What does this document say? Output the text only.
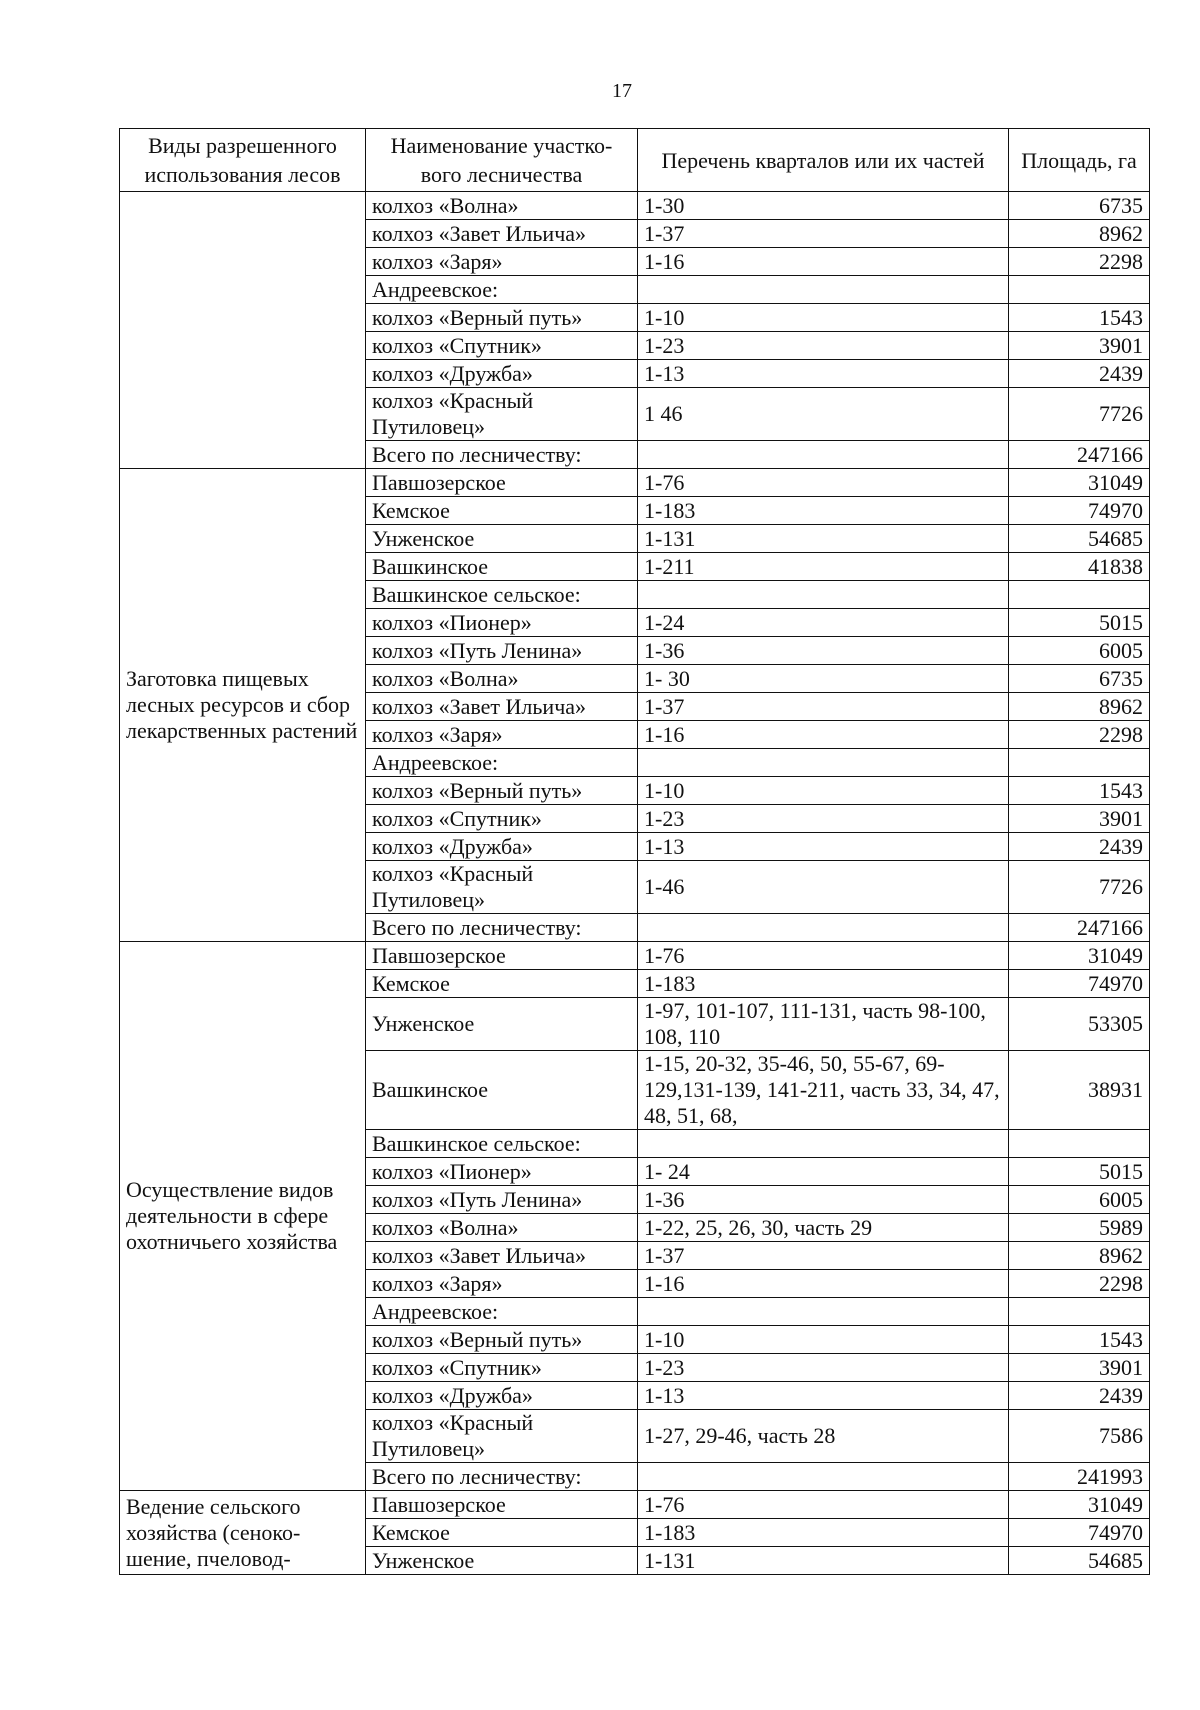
17
Виды разрешенного использования лесов	Наименование участко- вого лесничества	Перечень кварталов или их частей	Площадь, га
	колхоз «Волна»	1-30	6735
	колхоз «Завет Ильича»	1-37	8962
	колхоз «Заря»	1-16	2298
	Андреевское:		
	колхоз «Верный путь»	1-10	1543
	колхоз «Спутник»	1-23	3901
	колхоз «Дружба»	1-13	2439
	колхоз «Красный Путиловец»	1 46	7726
	Всего по лесничеству:		247166
Заготовка пищевых лесных ресурсов и сбор лекарственных растений	Павшозерское	1-76	31049
	Кемское	1-183	74970
	Унженское	1-131	54685
	Вашкинское	1-211	41838
	Вашкинское сельское:		
	колхоз «Пионер»	1-24	5015
	колхоз «Путь Ленина»	1-36	6005
	колхоз «Волна»	1- 30	6735
	колхоз «Завет Ильича»	1-37	8962
	колхоз «Заря»	1-16	2298
	Андреевское:		
	колхоз «Верный путь»	1-10	1543
	колхоз «Спутник»	1-23	3901
	колхоз «Дружба»	1-13	2439
	колхоз «Красный Путиловец»	1-46	7726
	Всего по лесничеству:		247166
Осуществление видов деятельности в сфере охотничьего хозяйства	Павшозерское	1-76	31049
	Кемское	1-183	74970
	Унженское	1-97, 101-107, 111-131, часть 98-100, 108, 110	53305
	Вашкинское	1-15, 20-32, 35-46, 50, 55-67, 69-129,131-139, 141-211, часть 33, 34, 47, 48, 51, 68,	38931
	Вашкинское сельское:		
	колхоз «Пионер»	1- 24	5015
	колхоз «Путь Ленина»	1-36	6005
	колхоз «Волна»	1-22, 25, 26, 30, часть 29	5989
	колхоз «Завет Ильича»	1-37	8962
	колхоз «Заря»	1-16	2298
	Андреевское:		
	колхоз «Верный путь»	1-10	1543
	колхоз «Спутник»	1-23	3901
	колхоз «Дружба»	1-13	2439
	колхоз «Красный Путиловец»	1-27, 29-46, часть 28	7586
	Всего по лесничеству:		241993
Ведение сельского хозяйства (сеноко- шение, пчеловод-	Павшозерское	1-76	31049
	Кемское	1-183	74970
	Унженское	1-131	54685
